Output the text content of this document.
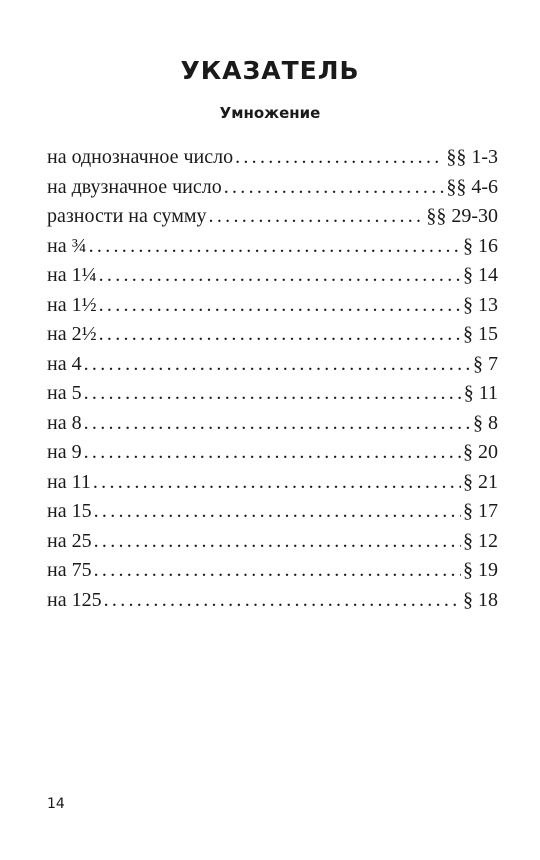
УКАЗАТЕЛЬ
Умножение
на однозначное число .....	§§ 1-3
на двузначное число .....	§§ 4-6
разности на сумму .....	§§ 29-30
на ¾ .....	§ 16
на 1¼ .....	§ 14
на 1½ .....	§ 13
на 2½ .....	§ 15
на 4 .....	§ 7
на 5 .....	§ 11
на 8 .....	§ 8
на 9 .....	§ 20
на 11 .....	§ 21
на 15 .....	§ 17
на 25 .....	§ 12
на 75 .....	§ 19
на 125 .....	§ 18
14
